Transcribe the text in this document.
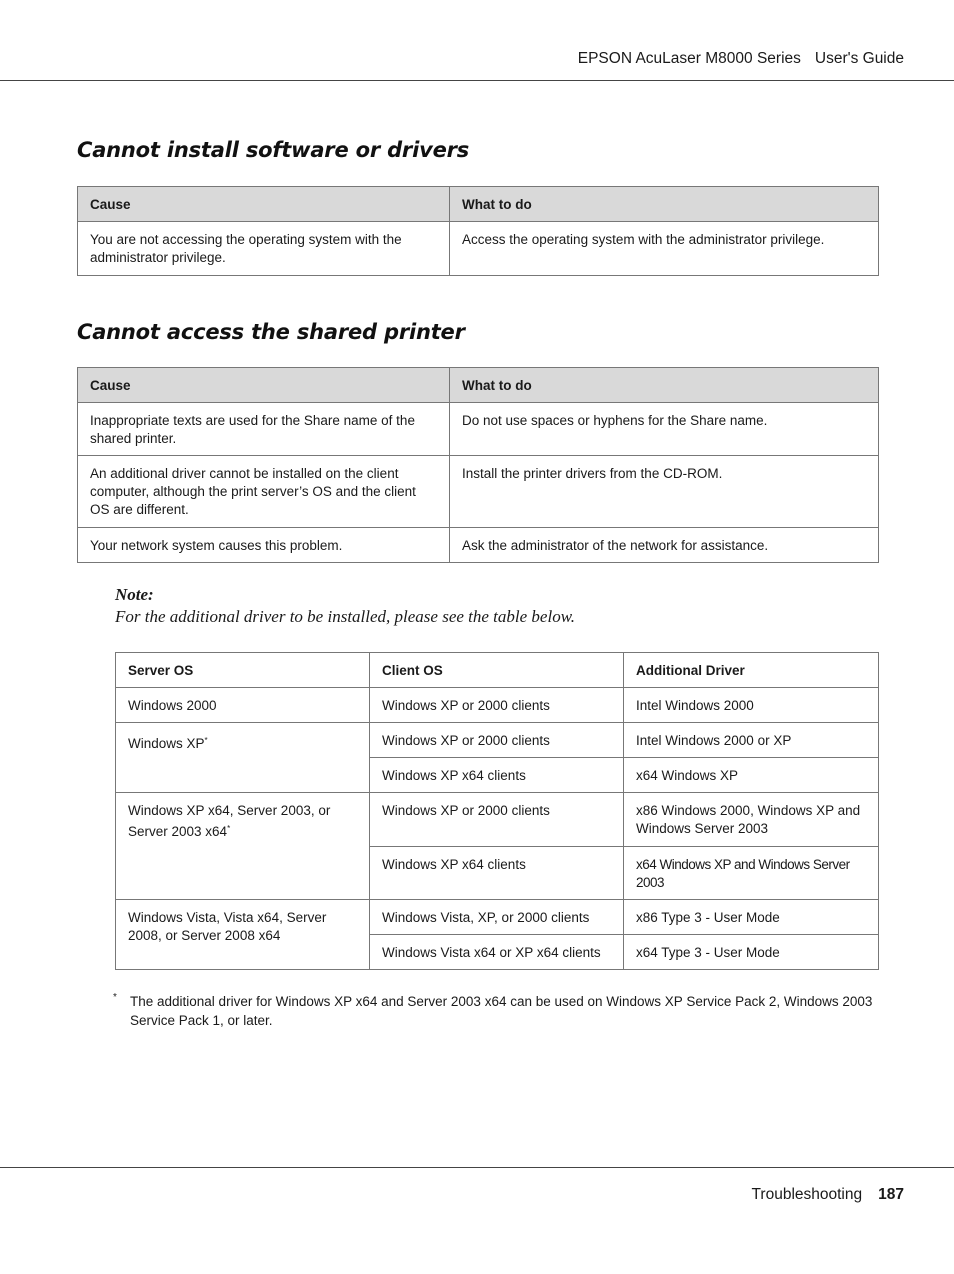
EPSON AcuLaser M8000 Series User's Guide
Cannot install software or drivers
Cause	What to do
You are not accessing the operating system with the administrator privilege.	Access the operating system with the administrator privilege.
Cannot access the shared printer
Cause	What to do
Inappropriate texts are used for the Share name of the shared printer.	Do not use spaces or hyphens for the Share name.
An additional driver cannot be installed on the client computer, although the print server’s OS and the client OS are different.	Install the printer drivers from the CD-ROM.
Your network system causes this problem.	Ask the administrator of the network for assistance.
Note:
For the additional driver to be installed, please see the table below.
Server OS	Client OS	Additional Driver
Windows 2000	Windows XP or 2000 clients	Intel Windows 2000
Windows XP*	Windows XP or 2000 clients	Intel Windows 2000 or XP
	Windows XP x64 clients	x64 Windows XP
Windows XP x64, Server 2003, or Server 2003 x64*	Windows XP or 2000 clients	x86 Windows 2000, Windows XP and Windows Server 2003
	Windows XP x64 clients	x64 Windows XP and Windows Server 2003
Windows Vista, Vista x64, Server 2008, or Server 2008 x64	Windows Vista, XP, or 2000 clients	x86 Type 3 - User Mode
	Windows Vista x64 or XP x64 clients	x64 Type 3 - User Mode
* The additional driver for Windows XP x64 and Server 2003 x64 can be used on Windows XP Service Pack 2, Windows 2003 Service Pack 1, or later.
Troubleshooting 187
